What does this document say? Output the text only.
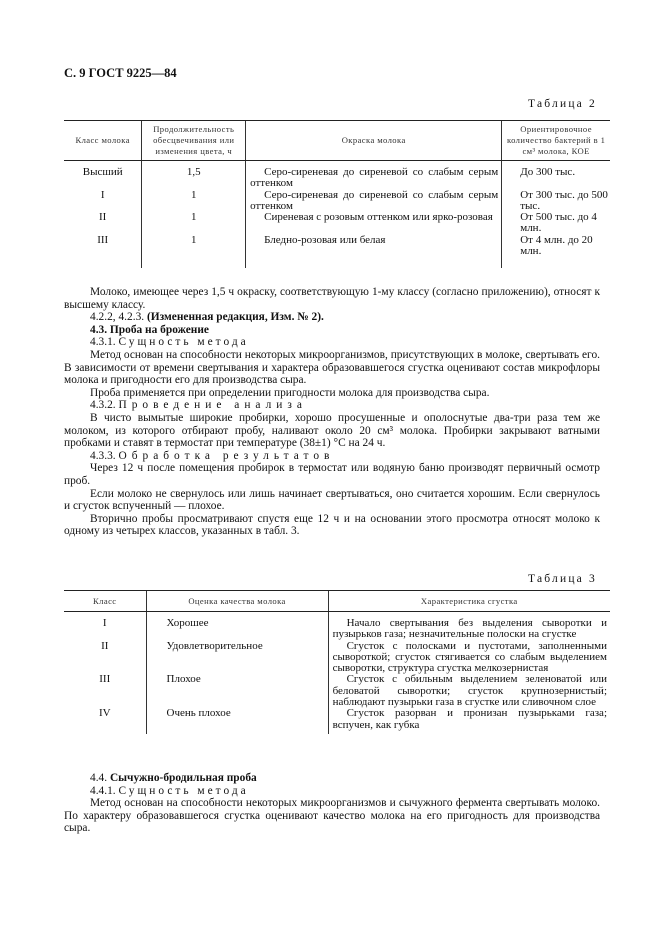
С. 9 ГОСТ 9225—84
Таблица 2
Класс молока	Продолжительность обесцвечивания или изменения цвета, ч	Окраска молока	Ориентировочное количество бактерий в 1 см³ молока, КОЕ
Высший	1,5	Серо-сиреневая до сиреневой со слабым серым оттенком	До 300 тыс.
I	1	Серо-сиреневая до сиреневой со слабым серым оттенком	От 300 тыс. до 500 тыс.
II	1	Сиреневая с розовым оттенком или ярко-розовая	От 500 тыс. до 4 млн.
III	1	Бледно-розовая или белая	От 4 млн. до 20 млн.

Молоко, имеющее через 1,5 ч окраску, соответствующую 1-му классу (согласно приложению), относят к высшему классу.

4.2.2, 4.2.3. (Измененная редакция, Изм. № 2).

4.3. Проба на брожение

4.3.1. Сущность метода

Метод основан на способности некоторых микроорганизмов, присутствующих в молоке, свертывать его. В зависимости от времени свертывания и характера образовавшегося сгустка оценивают состав микрофлоры молока и пригодности его для производства сыра.

Проба применяется при определении пригодности молока для производства сыра.

4.3.2. Проведение анализа

В чисто вымытые широкие пробирки, хорошо просушенные и ополоснутые два-три раза тем же молоком, из которого отбирают пробу, наливают около 20 см³ молока. Пробирки закрывают ватными пробками и ставят в термостат при температуре (38±1) °С на 24 ч.

4.3.3. Обработка результатов

Через 12 ч после помещения пробирок в термостат или водяную баню производят первичный осмотр проб.

Если молоко не свернулось или лишь начинает свертываться, оно считается хорошим. Если свернулось и сгусток вспученный — плохое.

Вторично пробы просматривают спустя еще 12 ч и на основании этого просмотра относят молоко к одному из четырех классов, указанных в табл. 3.

Таблица 3
Класс	Оценка качества молока	Характеристика сгустка
I	Хорошее	Начало свертывания без выделения сыворотки и пузырьков газа; незначительные полоски на сгустке
II	Удовлетворительное	Сгусток с полосками и пустотами, заполненными сывороткой; сгусток стягивается со слабым выделением сыворотки, структура сгустка мелкозернистая
III	Плохое	Сгусток с обильным выделением зеленоватой или беловатой сыворотки; сгусток крупнозернистый; наблюдают пузырьки газа в сгустке или сливочном слое
IV	Очень плохое	Сгусток разорван и пронизан пузырьками газа; вспучен, как губка

4.4. Сычужно-бродильная проба

4.4.1. Сущность метода

Метод основан на способности некоторых микроорганизмов и сычужного фермента свертывать молоко. По характеру образовавшегося сгустка оценивают качество молока на его пригодность для производства сыра.
